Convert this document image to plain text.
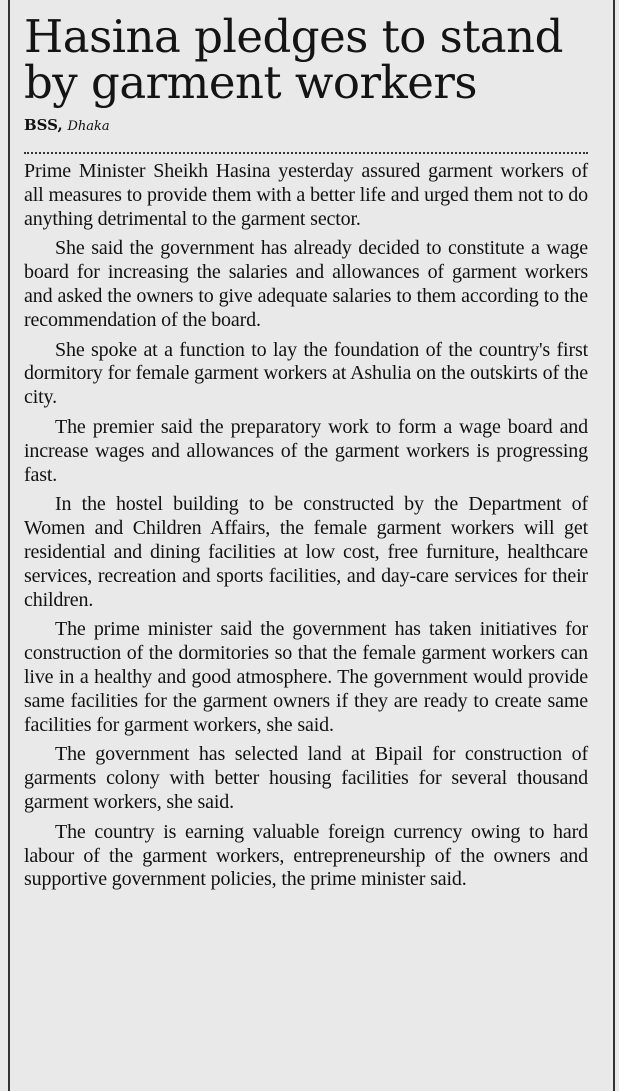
Hasina pledges to stand by garment workers
BSS, Dhaka

Prime Minister Sheikh Hasina yesterday assured garment workers of all measures to provide them with a better life and urged them not to do anything detrimental to the garment sector.

She said the government has already decided to constitute a wage board for increasing the salaries and allowances of garment workers and asked the owners to give adequate salaries to them according to the recommendation of the board.

She spoke at a function to lay the foundation of the country's first dormitory for female garment workers at Ashulia on the outskirts of the city.

The premier said the preparatory work to form a wage board and increase wages and allowances of the garment workers is progressing fast.

In the hostel building to be constructed by the Department of Women and Children Affairs, the female garment workers will get residential and dining facilities at low cost, free furniture, healthcare services, recreation and sports facilities, and day-care services for their children.

The prime minister said the government has taken initiatives for construction of the dormitories so that the female garment workers can live in a healthy and good atmosphere. The government would provide same facilities for the garment owners if they are ready to create same facilities for garment workers, she said.

The government has selected land at Bipail for construction of garments colony with better housing facilities for several thousand garment workers, she said.

The country is earning valuable foreign currency owing to hard labour of the garment workers, entrepreneurship of the owners and supportive government policies, the prime minister said.
